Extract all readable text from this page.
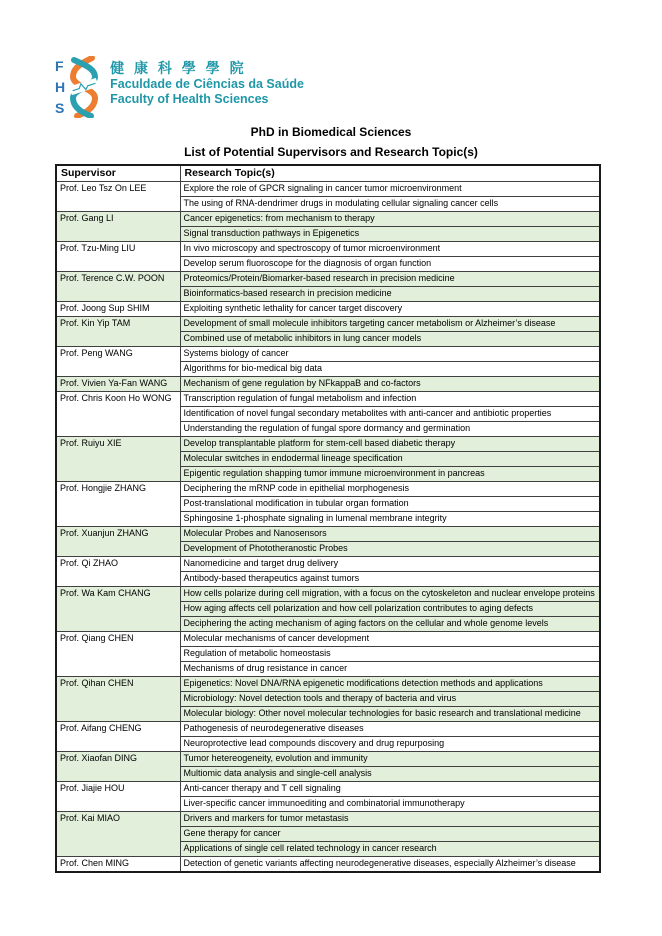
F
H
S
健 康 科 學 學 院
Faculdade de Ciências da Saúde
Faculty of Health Sciences
PhD in Biomedical Sciences
List of Potential Supervisors and Research Topic(s)
Supervisor	Research Topic(s)
Prof. Leo Tsz On LEE	Explore the role of GPCR signaling in cancer tumor microenvironment
	The using of RNA-dendrimer drugs in modulating cellular signaling cancer cells
Prof. Gang LI	Cancer epigenetics: from mechanism to therapy
	Signal transduction pathways in Epigenetics
Prof. Tzu-Ming LIU	In vivo microscopy and spectroscopy of tumor microenvironment
	Develop serum fluoroscope for the diagnosis of organ function
Prof. Terence C.W. POON	Proteomics/Protein/Biomarker-based research in precision medicine
	Bioinformatics-based research in precision medicine
Prof. Joong Sup SHIM	Exploiting synthetic lethality for cancer target discovery
Prof. Kin Yip TAM	Development of small molecule inhibitors targeting cancer metabolism or Alzheimer’s disease
	Combined use of metabolic inhibitors in lung cancer models
Prof. Peng WANG	Systems biology of cancer
	Algorithms for bio-medical big data
Prof. Vivien Ya-Fan WANG	Mechanism of gene regulation by NFkappaB and co-factors
Prof. Chris Koon Ho WONG	Transcription regulation of fungal metabolism and infection
	Identification of novel fungal secondary metabolites with anti-cancer and antibiotic properties
	Understanding the regulation of fungal spore dormancy and germination
Prof. Ruiyu XIE	Develop transplantable platform for stem-cell based diabetic therapy
	Molecular switches in endodermal lineage specification
	Epigentic regulation shapping tumor immune microenvironment in pancreas
Prof. Hongjie ZHANG	Deciphering the mRNP code in epithelial morphogenesis
	Post-translational modification in tubular organ formation
	Sphingosine 1-phosphate signaling in lumenal membrane integrity
Prof. Xuanjun ZHANG	Molecular Probes and Nanosensors
	Development of Phototheranostic Probes
Prof. Qi ZHAO	Nanomedicine and target drug delivery
	Antibody-based therapeutics against tumors
Prof. Wa Kam CHANG	How cells polarize during cell migration, with a focus on the cytoskeleton and nuclear envelope proteins
	How aging affects cell polarization and how cell polarization contributes to aging defects
	Deciphering the acting mechanism of aging factors on the cellular and whole genome levels
Prof. Qiang CHEN	Molecular mechanisms of cancer development
	Regulation of metabolic homeostasis
	Mechanisms of drug resistance in cancer
Prof. Qihan CHEN	Epigenetics: Novel DNA/RNA epigenetic modifications detection methods and applications
	Microbiology: Novel detection tools and therapy of bacteria and virus
	Molecular biology: Other novel molecular technologies for basic research and translational medicine
Prof. Aifang CHENG	Pathogenesis of neurodegenerative diseases
	Neuroprotective lead compounds discovery and drug repurposing
Prof. Xiaofan DING	Tumor hetereogeneity, evolution and immunity
	Multiomic data analysis and single-cell analysis
Prof. Jiajie HOU	Anti-cancer therapy and T cell signaling
	Liver-specific cancer immunoediting and combinatorial immunotherapy
Prof. Kai MIAO	Drivers and markers for tumor metastasis
	Gene therapy for cancer
	Applications of single cell related technology in cancer research
Prof. Chen MING	Detection of genetic variants affecting neurodegenerative diseases, especially Alzheimer’s disease
